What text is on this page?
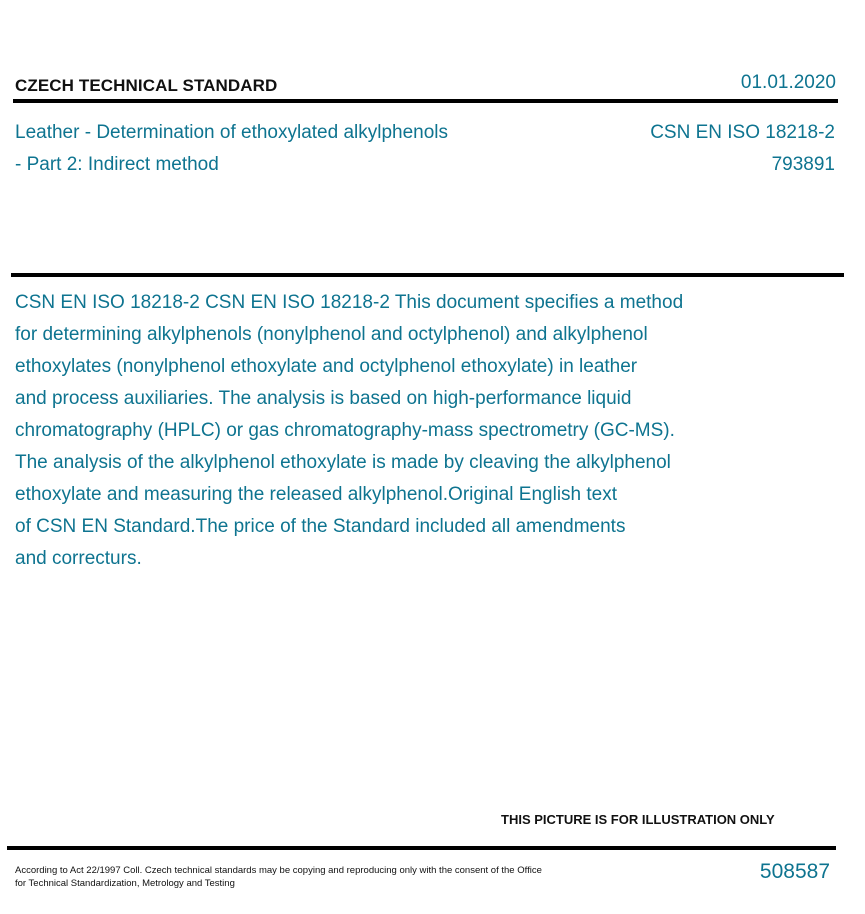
CZECH TECHNICAL STANDARD	01.01.2020
Leather - Determination of ethoxylated alkylphenols
- Part 2: Indirect method
CSN EN ISO 18218-2
793891
CSN EN ISO 18218-2 CSN EN ISO 18218-2 This document specifies a method
for determining alkylphenols (nonylphenol and octylphenol) and alkylphenol
ethoxylates (nonylphenol ethoxylate and octylphenol ethoxylate) in leather
and process auxiliaries. The analysis is based on high-performance liquid
chromatography (HPLC) or gas chromatography-mass spectrometry (GC-MS).
The analysis of the alkylphenol ethoxylate is made by cleaving the alkylphenol
ethoxylate and measuring the released alkylphenol.Original English text
of CSN EN Standard.The price of the Standard included all amendments
and correcturs.
THIS PICTURE IS FOR ILLUSTRATION ONLY
According to Act 22/1997 Coll. Czech technical standards may be copying and reproducing only with the consent of the Office
for Technical Standardization, Metrology and Testing
508587
